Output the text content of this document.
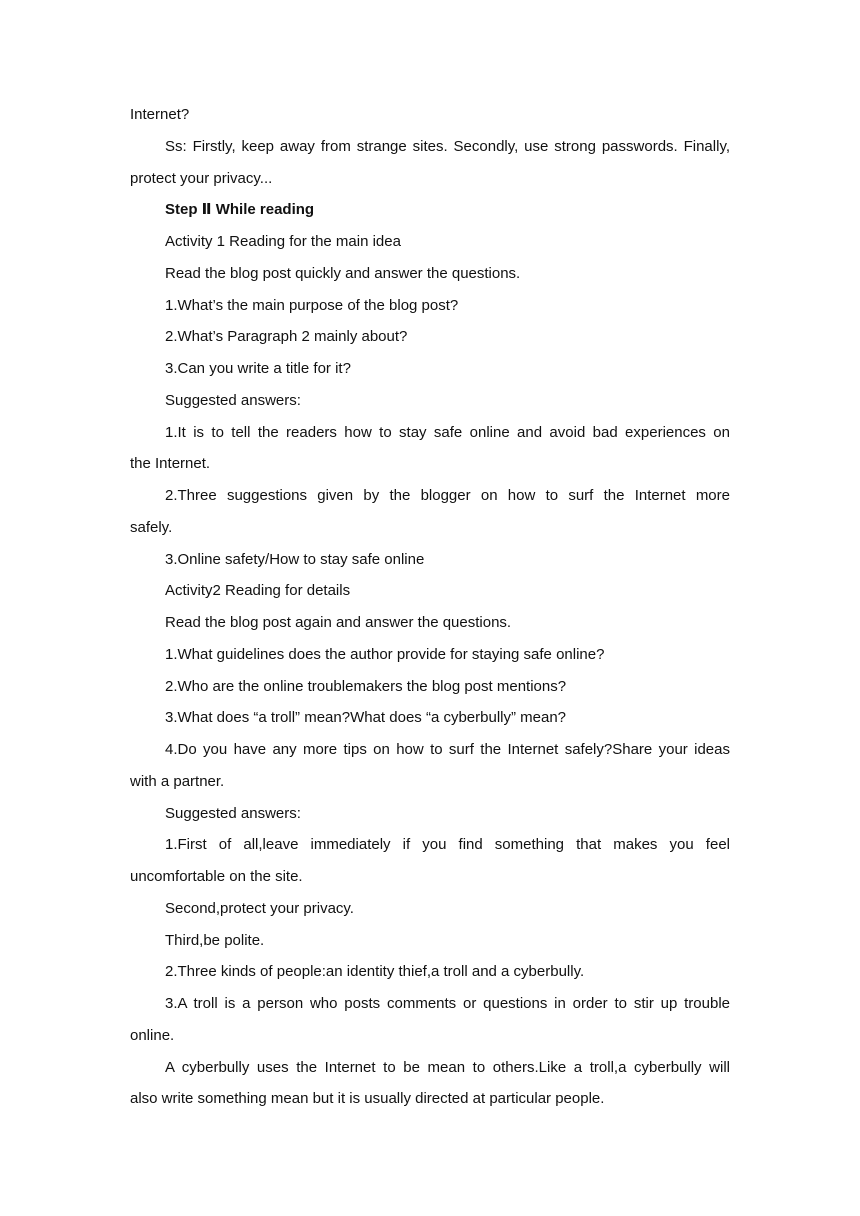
Internet?
Ss: Firstly, keep away from strange sites. Secondly, use strong passwords. Finally,
protect your privacy...
Step Ⅱ While reading
Activity 1 Reading for the main idea
Read the blog post quickly and answer the questions.
1.What’s the main purpose of the blog post?
2.What’s Paragraph 2 mainly about?
3.Can you write a title for it?
Suggested answers:
1.It is to tell the readers how to stay safe online and avoid bad experiences on
the Internet.
2.Three suggestions given by the blogger on how to surf the Internet more
safely.
3.Online safety/How to stay safe online
Activity2 Reading for details
Read the blog post again and answer the questions.
1.What guidelines does the author provide for staying safe online?
2.Who are the online troublemakers the blog post mentions?
3.What does “a troll” mean?What does “a cyberbully” mean?
4.Do you have any more tips on how to surf the Internet safely?Share your ideas
with a partner.
Suggested answers:
1.First of all,leave immediately if you find something that makes you feel
uncomfortable on the site.
Second,protect your privacy.
Third,be polite.
2.Three kinds of people:an identity thief,a troll and a cyberbully.
3.A troll is a person who posts comments or questions in order to stir up trouble
online.
A cyberbully uses the Internet to be mean to others.Like a troll,a cyberbully will
also write something mean but it is usually directed at particular people.
